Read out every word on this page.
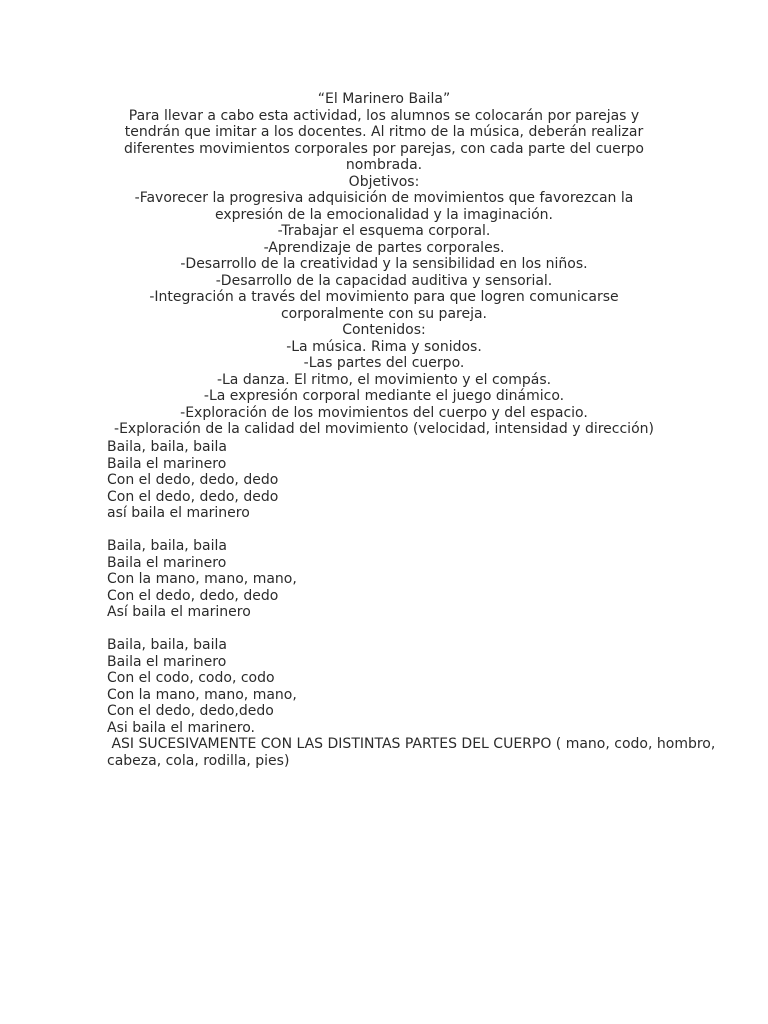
“El Marinero Baila”
Para llevar a cabo esta actividad, los alumnos se colocarán por parejas y tendrán que imitar a los docentes. Al ritmo de la música, deberán realizar diferentes movimientos corporales por parejas, con cada parte del cuerpo nombrada.
Objetivos:
-Favorecer la progresiva adquisición de movimientos que favorezcan la expresión de la emocionalidad y la imaginación.
-Trabajar el esquema corporal.
-Aprendizaje de partes corporales.
-Desarrollo de la creatividad y la sensibilidad en los niños.
-Desarrollo de la capacidad auditiva y sensorial.
-Integración a través del movimiento para que logren comunicarse corporalmente con su pareja.
Contenidos:
-La música. Rima y sonidos.
-Las partes del cuerpo.
-La danza. El ritmo, el movimiento y el compás.
-La expresión corporal mediante el juego dinámico.
-Exploración de los movimientos del cuerpo y del espacio.
-Exploración de la calidad del movimiento (velocidad, intensidad y dirección)
Baila, baila, baila
Baila el marinero
Con el dedo, dedo, dedo
Con el dedo, dedo, dedo
así baila el marinero
Baila, baila, baila
Baila el marinero
Con la mano, mano, mano,
Con el dedo, dedo, dedo
Así baila el marinero
Baila, baila, baila
Baila el marinero
Con el codo, codo, codo
Con la mano, mano, mano,
Con el dedo, dedo,dedo
Asi baila el marinero.
ASI SUCESIVAMENTE CON LAS DISTINTAS PARTES DEL CUERPO ( mano, codo, hombro, cabeza, cola, rodilla, pies)
